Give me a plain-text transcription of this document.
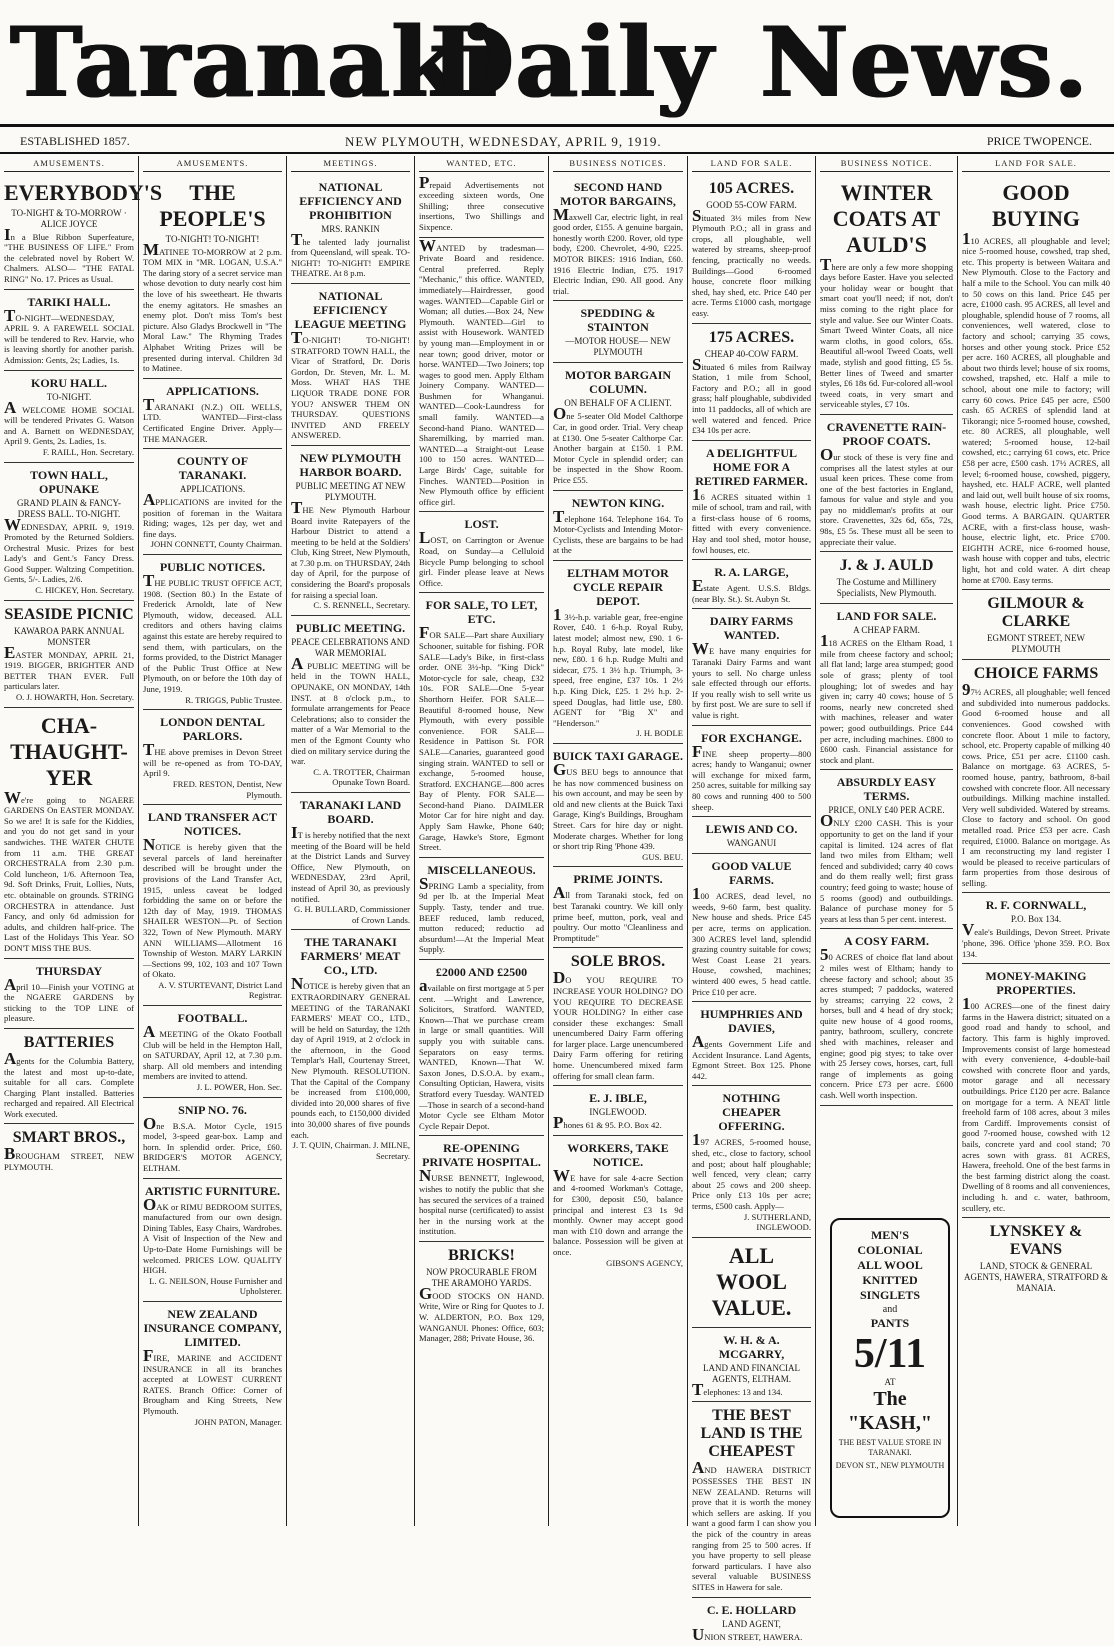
Taranaki
Daily News.
ESTABLISHED 1857.	NEW PLYMOUTH, WEDNESDAY, APRIL 9, 1919.	PRICE TWOPENCE.
AMUSEMENTS.
EVERYBODY'S
TO-NIGHT & TO-MORROW · ALICE JOYCE
In a Blue Ribbon Superfeature, "THE BUSINESS OF LIFE." From the celebrated novel by Robert W. Chalmers. ALSO— "THE FATAL RING" No. 17. Prices as Usual.
TARIKI HALL.
TO-NIGHT—WEDNESDAY, APRIL 9. A FAREWELL SOCIAL will be tendered to Rev. Harvie, who is leaving shortly for another parish. Admission: Gents, 2s; Ladies, 1s.
KORU HALL.
TO-NIGHT.
A WELCOME HOME SOCIAL will be tendered Privates G. Watson and A. Barnett on WEDNESDAY, April 9. Gents, 2s. Ladies, 1s.
F. RAILL, Hon. Secretary.
TOWN HALL, OPUNAKE
GRAND PLAIN & FANCY-DRESS BALL. TO-NIGHT.
WEDNESDAY, APRIL 9, 1919. Promoted by the Returned Soldiers. Orchestral Music. Prizes for best Lady's and Gent.'s Fancy Dress. Good Supper. Waltzing Competition. Gents, 5/-. Ladies, 2/6.
C. HICKEY, Hon. Secretary.
SEASIDE PICNIC
KAWAROA PARK ANNUAL MONSTER
EASTER MONDAY, APRIL 21, 1919. BIGGER, BRIGHTER AND BETTER THAN EVER. Full particulars later.
O. J. HOWARTH, Hon. Secretary.
CHA-THAUGHT-YER
We're going to NGAERE GARDENS On EASTER MONDAY. So we are! It is safe for the Kiddies, and you do not get sand in your sandwiches. THE WATER CHUTE from 11 a.m. THE GREAT ORCHESTRALA from 2.30 p.m. Cold luncheon, 1/6. Afternoon Tea, 9d. Soft Drinks, Fruit, Lollies, Nuts, etc. obtainable on grounds. STRING ORCHESTRA in attendance. Just Fancy, and only 6d admission for adults, and children half-price. The Last of the Holidays This Year. SO DON'T MISS THE BUS.
THURSDAY
April 10—Finish your VOTING at the NGAERE GARDENS by sticking to the TOP LINE of pleasure.
BATTERIES
Agents for the Columbia Battery, the latest and most up-to-date, suitable for all cars. Complete Charging Plant installed. Batteries recharged and repaired. All Electrical Work executed.
SMART BROS.,
BROUGHAM STREET, NEW PLYMOUTH.
AMUSEMENTS.
THE PEOPLE'S
TO-NIGHT! TO-NIGHT!
MATINEE TO-MORROW at 2 p.m. TOM MIX in "MR. LOGAN, U.S.A." The daring story of a secret service man whose devotion to duty nearly cost him the love of his sweetheart. He thwarts the enemy agitators. He smashes an enemy plot. Don't miss Tom's best picture. Also Gladys Brockwell in "The Moral Law." The Rhyming Trades Alphabet Writing Prizes will be presented during interval. Children 3d to Matinee.
APPLICATIONS.
TARANAKI (N.Z.) OIL WELLS, LTD. WANTED—First-class Certificated Engine Driver. Apply— THE MANAGER.
COUNTY OF TARANAKI.
APPLICATIONS.
APPLICATIONS are invited for the position of foreman in the Waitara Riding; wages, 12s per day, wet and fine days.
JOHN CONNETT, County Chairman.
PUBLIC NOTICES.
THE PUBLIC TRUST OFFICE ACT, 1908. (Section 80.) In the Estate of Frederick Arnoldt, late of New Plymouth, widow, deceased. ALL creditors and others having claims against this estate are hereby required to send them, with particulars, on the forms provided, to the District Manager of the Public Trust Office at New Plymouth, on or before the 10th day of June, 1919.
R. TRIGGS, Public Trustee.
LONDON DENTAL PARLORS.
THE above premises in Devon Street will be re-opened as from TO-DAY, April 9.
FRED. RESTON, Dentist, New Plymouth.
LAND TRANSFER ACT NOTICES.
NOTICE is hereby given that the several parcels of land hereinafter described will be brought under the provisions of the Land Transfer Act, 1915, unless caveat be lodged forbidding the same on or before the 12th day of May, 1919. THOMAS SHAILER WESTON—Pt. of Section 322, Town of New Plymouth. MARY ANN WILLIAMS—Allotment 16 Township of Weston. MARY LARKIN—Sections 99, 102, 103 and 107 Town of Okato.
A. V. STURTEVANT, District Land Registrar.
FOOTBALL.
A MEETING of the Okato Football Club will be held in the Hempton Hall, on SATURDAY, April 12, at 7.30 p.m. sharp. All old members and intending members are invited to attend.
J. L. POWER, Hon. Sec.
SNIP NO. 76.
One B.S.A. Motor Cycle, 1915 model, 3-speed gear-box. Lamp and horn. In splendid order. Price, £60. BRIDGER'S MOTOR AGENCY, ELTHAM.
ARTISTIC FURNITURE.
OAK or RIMU BEDROOM SUITES, manufactured from our own design. Dining Tables, Easy Chairs, Wardrobes. A Visit of Inspection of the New and Up-to-Date Home Furnishings will be welcomed. PRICES LOW. QUALITY HIGH.
L. G. NEILSON, House Furnisher and Upholsterer.
NEW ZEALAND INSURANCE COMPANY, LIMITED.
FIRE, MARINE and ACCIDENT INSURANCE in all its branches accepted at LOWEST CURRENT RATES. Branch Office: Corner of Brougham and King Streets, New Plymouth.
JOHN PATON, Manager.
MEETINGS.
NATIONAL EFFICIENCY AND PROHIBITION
MRS. RANKIN
The talented lady journalist from Queensland, will speak. TO-NIGHT! TO-NIGHT! EMPIRE THEATRE. At 8 p.m.
NATIONAL EFFICIENCY LEAGUE MEETING
TO-NIGHT! TO-NIGHT! STRATFORD TOWN HALL, the Vicar of Stratford, Dr. Doris Gordon, Dr. Steven, Mr. L. M. Moss. WHAT HAS THE LIQUOR TRADE DONE FOR YOU? ANSWER THEM ON THURSDAY. QUESTIONS INVITED AND FREELY ANSWERED.
NEW PLYMOUTH HARBOR BOARD.
PUBLIC MEETING AT NEW PLYMOUTH.
THE New Plymouth Harbour Board invite Ratepayers of the Harbour District to attend a meeting to be held at the Soldiers' Club, King Street, New Plymouth, at 7.30 p.m. on THURSDAY, 24th day of April, for the purpose of considering the Board's proposals for raising a special loan.
C. S. RENNELL, Secretary.
PUBLIC MEETING.
PEACE CELEBRATIONS AND WAR MEMORIAL
A PUBLIC MEETING will be held in the TOWN HALL, OPUNAKE, ON MONDAY, 14th INST. at 8 o'clock p.m., to formulate arrangements for Peace Celebrations; also to consider the matter of a War Memorial to the men of the Egmont County who died on military service during the war.
C. A. TROTTER, Chairman Opunake Town Board.
TARANAKI LAND BOARD.
IT is hereby notified that the next meeting of the Board will be held at the District Lands and Survey Office, New Plymouth, on WEDNESDAY, 23rd April, instead of April 30, as previously notified.
G. H. BULLARD, Commissioner of Crown Lands.
THE TARANAKI FARMERS' MEAT CO., LTD.
NOTICE is hereby given that an EXTRAORDINARY GENERAL MEETING of the TARANAKI FARMERS' MEAT CO., LTD., will be held on Saturday, the 12th day of April 1919, at 2 o'clock in the afternoon, in the Good Templar's Hall, Courtenay Street, New Plymouth. RESOLUTION. That the Capital of the Company be increased from £100,000, divided into 20,000 shares of five pounds each, to £150,000 divided into 30,000 shares of five pounds each.
J. T. QUIN, Chairman. J. MILNE, Secretary.
WANTED, ETC.
Prepaid Advertisements not exceeding sixteen words, One Shilling; three consecutive insertions, Two Shillings and Sixpence.
WANTED by tradesman—Private Board and residence. Central preferred. Reply "Mechanic," this office. WANTED, immediately—Hairdresser, good wages. WANTED—Capable Girl or Woman; all duties.—Box 24, New Plymouth. WANTED—Girl to assist with Housework. WANTED by young man—Employment in or near town; good driver, motor or horse. WANTED—Two Joiners; top wages to good men. Apply Eltham Joinery Company. WANTED—Bushmen for Whanganui. WANTED—Cook-Laundress for small family. WANTED—a Second-hand Piano. WANTED—Sharemilking, by married man. WANTED—a Straight-out Lease 100 to 150 acres. WANTED—Large Birds' Cage, suitable for Finches. WANTED—Position in New Plymouth office by efficient office girl.
LOST.
LOST, on Carrington or Avenue Road, on Sunday—a Celluloid Bicycle Pump belonging to school girl. Finder please leave at News Office.
FOR SALE, TO LET, ETC.
FOR SALE—Part share Auxiliary Schooner, suitable for fishing. FOR SALE—Lady's Bike, in first-class order. ONE 3½-hp. "King Dick" Motor-cycle for sale, cheap, £32 10s. FOR SALE—One 5-year Shorthorn Heifer. FOR SALE—Beautiful 8-roomed house, New Plymouth, with every possible convenience. FOR SALE—Residence in Pattison St. FOR SALE—Canaries, guaranteed good singing strain. WANTED to sell or exchange, 5-roomed house, Stratford. EXCHANGE—800 acres Bay of Plenty. FOR SALE—Second-hand Piano. DAIMLER Motor Car for hire night and day. Apply Sam Hawke, Phone 640; Garage, Hawke's Store, Egmont Street.
MISCELLANEOUS.
SPRING Lamb a speciality, from 9d per lb. at the Imperial Meat Supply. Tasty, tender and true. BEEF reduced, lamb reduced, mutton reduced; reductio ad absurdum!—At the Imperial Meat Supply.
£2000 AND £2500
available on first mortgage at 5 per cent. —Wright and Lawrence, Solicitors, Stratford. WANTED, Known—That we purchase cream in large or small quantities. Will supply you with suitable cans. Separators on easy terms. WANTED, Known—That W. Saxon Jones, D.S.O.A. by exam., Consulting Optician, Hawera, visits Stratford every Tuesday. WANTED—Those in search of a second-hand Motor Cycle see Eltham Motor Cycle Repair Depot.
RE-OPENING PRIVATE HOSPITAL.
NURSE BENNETT, Inglewood, wishes to notify the public that she has secured the services of a trained hospital nurse (certificated) to assist her in the nursing work at the institution.
BRICKS!
NOW PROCURABLE FROM THE ARAMOHO YARDS.
GOOD STOCKS ON HAND. Write, Wire or Ring for Quotes to J. W. ALDERTON, P.O. Box 129, WANGANUI. Phones: Office, 603; Manager, 288; Private House, 36.
BUSINESS NOTICES.
SECOND HAND MOTOR BARGAINS,
Maxwell Car, electric light, in real good order, £155. A genuine bargain, honestly worth £200. Rover, old type body, £200. Chevrolet, 4-90, £225. MOTOR BIKES: 1916 Indian, £60. 1916 Electric Indian, £75. 1917 Electric Indian, £90. All good. Any trial.
SPEDDING & STAINTON
—MOTOR HOUSE— NEW PLYMOUTH
MOTOR BARGAIN COLUMN.
ON BEHALF OF A CLIENT.
One 5-seater Old Model Calthorpe Car, in good order. Trial. Very cheap at £130. One 5-seater Calthorpe Car. Another bargain at £150. 1 P.M. Motor Cycle in splendid order; can be inspected in the Show Room. Price £55.
NEWTON KING.
Telephone 164. Telephone 164. To Motor-Cyclists and Intending Motor-Cyclists, these are bargains to be had at the
ELTHAM MOTOR CYCLE REPAIR DEPOT.
1 3½-h.p. variable gear, free-engine Rover, £40. 1 6-h.p. Royal Ruby, latest model; almost new, £90. 1 6-h.p. Royal Ruby, late model, like new, £80. 1 6 h.p. Rudge Multi and sidecar, £75. 1 3½ h.p. Triumph, 3-speed, free engine, £37 10s. 1 2½ h.p. King Dick, £25. 1 2½ h.p. 2-speed Douglas, had little use, £80. AGENT for "Big X" and "Henderson."
J. H. BODLE
BUICK TAXI GARAGE.
GUS BEU begs to announce that he has now commenced business on his own account, and may be seen by old and new clients at the Buick Taxi Garage, King's Buildings, Brougham Street. Cars for hire day or night. Moderate charges. Whether for long or short trip Ring 'Phone 439.
GUS. BEU.
PRIME JOINTS.
All from Taranaki stock, fed on best Taranaki country. We kill only prime beef, mutton, pork, veal and poultry. Our motto "Cleanliness and Promptitude"
SOLE BROS.
DO YOU REQUIRE TO INCREASE YOUR HOLDING? DO YOU REQUIRE TO DECREASE YOUR HOLDING? In either case consider these exchanges: Small unencumbered Dairy Farm offering for larger place. Large unencumbered Dairy Farm offering for retiring home. Unencumbered mixed farm offering for small clean farm.
E. J. IBLE,
INGLEWOOD.
Phones 61 & 95. P.O. Box 42.
WORKERS, TAKE NOTICE.
WE have for sale 4-acre Section and 4-roomed Workman's Cottage, for £300, deposit £50, balance principal and interest £3 1s 9d monthly. Owner may accept good man with £10 down and arrange the balance. Possession will be given at once.
GIBSON'S AGENCY,
LAND FOR SALE.
105 ACRES.
GOOD 55-COW FARM.
Situated 3½ miles from New Plymouth P.O.; all in grass and crops, all ploughable, well watered by streams, sheep-proof fencing, practically no weeds. Buildings—Good 6-roomed house, concrete floor milking shed, hay shed, etc. Price £40 per acre. Terms £1000 cash, mortgage easy.
175 ACRES.
CHEAP 40-COW FARM.
Situated 6 miles from Railway Station, 1 mile from School, Factory and P.O.; all in good grass; half ploughable, subdivided into 11 paddocks, all of which are well watered and fenced. Price £34 10s per acre.
A DELIGHTFUL HOME FOR A RETIRED FARMER.
16 ACRES situated within 1 mile of school, tram and rail, with a first-class house of 6 rooms, fitted with every convenience. Hay and tool shed, motor house, fowl houses, etc.
R. A. LARGE,
Estate Agent. U.S.S. Bldgs. (near Bly. St.). St. Aubyn St.
DAIRY FARMS WANTED.
WE have many enquiries for Taranaki Dairy Farms and want yours to sell. No charge unless sale effected through our efforts. If you really wish to sell write us by first post. We are sure to sell if value is right.
FOR EXCHANGE.
FINE sheep property—800 acres; handy to Wanganui; owner will exchange for mixed farm, 250 acres, suitable for milking say 80 cows and running 400 to 500 sheep.
LEWIS AND CO.
WANGANUI
GOOD VALUE FARMS.
100 ACRES, dead level, no weeds, 9-60 farm, best quality. New house and sheds. Price £45 per acre, terms on application. 300 ACRES level land, splendid grazing country suitable for cows; West Coast Lease 21 years. House, cowshed, machines; winterd 400 ewes, 5 head cattle. Price £10 per acre.
HUMPHRIES AND DAVIES,
Agents Government Life and Accident Insurance. Land Agents, Egmont Street. Box 125. Phone 442.
NOTHING CHEAPER OFFERING.
197 ACRES, 5-roomed house, shed, etc., close to factory, school and post; about half ploughable; well fenced, very clean; carry about 25 cows and 200 sheep. Price only £13 10s per acre; terms, £500 cash. Apply—
J. SUTHERLAND, INGLEWOOD.
ALL WOOL VALUE.
W. H. & A. MCGARRY,
LAND AND FINANCIAL AGENTS, ELTHAM.
Telephones: 13 and 134.
THE BEST LAND IS THE CHEAPEST
AND HAWERA DISTRICT POSSESSES THE BEST IN NEW ZEALAND. Returns will prove that it is worth the money which sellers are asking. If you want a good farm I can show you the pick of the country in areas ranging from 25 to 500 acres. If you have property to sell please forward particulars. I have also several valuable BUSINESS SITES in Hawera for sale.
C. E. HOLLARD
LAND AGENT,
UNION STREET, HAWERA.
BUSINESS NOTICE.
WINTER COATS AT AULD'S
There are only a few more shopping days before Easter. Have you selected your holiday wear or bought that smart coat you'll need; if not, don't miss coming to the right place for style and value. See our Winter Coats. Smart Tweed Winter Coats, all nice warm cloths, in good colors, 65s. Beautiful all-wool Tweed Coats, well made, stylish and good fitting, £5 5s. Better lines of Tweed and smarter styles, £6 18s 6d. Fur-colored all-wool tweed coats, in very smart and serviceable styles, £7 10s.
CRAVENETTE RAIN-PROOF COATS.
Our stock of these is very fine and comprises all the latest styles at our usual keen prices. These come from one of the best factories in England, famous for value and style and you pay no middleman's profits at our store. Cravenettes, 32s 6d, 65s, 72s, 98s, £5 5s. These must all be seen to appreciate their value.
J. & J. AULD
The Costume and Millinery Specialists, New Plymouth.
LAND FOR SALE.
A CHEAP FARM.
118 ACRES on the Eltham Road, 1 mile from cheese factory and school; all flat land; large area stumped; good sole of grass; plenty of tool ploughing; lot of swedes and hay given in; carry 40 cows; house of 5 rooms, nearly new concreted shed with machines, releaser and water power; good outbuildings. Price £44 per acre, including machines. £800 to £600 cash. Financial assistance for stock and plant.
ABSURDLY EASY TERMS.
PRICE, ONLY £40 PER ACRE.
ONLY £200 CASH. This is your opportunity to get on the land if your capital is limited. 124 acres of flat land two miles from Eltham; well fenced and subdivided; carry 40 cows and do them really well; first grass country; feed going to waste; house of 5 rooms (good) and outbuildings. Balance of purchase money for 5 years at less than 5 per cent. interest.
A COSY FARM.
50 ACRES of choice flat land about 2 miles west of Eltham; handy to cheese factory and school; about 35 acres stumped; 7 paddocks, watered by streams; carrying 22 cows, 2 horses, bull and 4 head of dry stock; quite new house of 4 good rooms, pantry, bathroom, scullery, concrete shed with machines, releaser and engine; good pig styes; to take over with 25 Jersey cows, horses, cart, full range of implements as going concern. Price £73 per acre. £600 cash. Well worth inspection.
LAND FOR SALE.
GOOD BUYING
110 ACRES, all ploughable and level; nice 5-roomed house, cowshed, trap shed, etc. This property is between Waitara and New Plymouth. Close to the Factory and half a mile to the School. You can milk 40 to 50 cows on this land. Price £45 per acre, £1000 cash. 95 ACRES, all level and ploughable, splendid house of 7 rooms, all conveniences, well watered, close to factory and school; carrying 35 cows, horses and other young stock. Price £52 per acre. 160 ACRES, all ploughable and about two thirds level; house of six rooms, cowshed, trapshed, etc. Half a mile to school, about one mile to factory; will carry 60 cows. Price £45 per acre, £500 cash. 65 ACRES of splendid land at Tikorangi; nice 5-roomed house, cowshed, etc. 80 ACRES, all ploughable, well watered; 5-roomed house, 12-bail cowshed, etc.; carrying 61 cows, etc. Price £58 per acre, £500 cash. 17½ ACRES, all level; 6-roomed house, cowshed, piggery, hayshed, etc. HALF ACRE, well planted and laid out, well built house of six rooms, wash house, electric light. Price £750. Good terms. A BARGAIN. QUARTER ACRE, with a first-class house, wash-house, electric light, etc. Price £700. EIGHTH ACRE, nice 6-roomed house, wash house with copper and tubs, electric light, hot and cold water. A dirt cheap home at £700. Easy terms.
GILMOUR & CLARKE
EGMONT STREET, NEW PLYMOUTH
CHOICE FARMS
97½ ACRES, all ploughable; well fenced and subdivided into numerous paddocks. Good 6-roomed house and all conveniences. Good cowshed with concrete floor. About 1 mile to factory, school, etc. Property capable of milking 40 cows. Price, £51 per acre. £1100 cash. Balance on mortgage. 63 ACRES, 5-roomed house, pantry, bathroom, 8-bail cowshed with concrete floor. All necessary outbuildings. Milking machine installed. Very well subdivided. Watered by streams. Close to factory and school. On good metalled road. Price £53 per acre. Cash required, £1000. Balance on mortgage. As I am reconstructing my land register I would be pleased to receive particulars of farm properties from those desirous of selling.
R. F. CORNWALL,
P.O. Box 134.
Veale's Buildings, Devon Street. Private 'phone, 396. Office 'phone 359. P.O. Box 134.
MONEY-MAKING PROPERTIES.
100 ACRES—one of the finest dairy farms in the Hawera district; situated on a good road and handy to school, and factory. This farm is highly improved. Improvements consist of large homestead with every convenience, 4-double-bail cowshed with concrete floor and yards, motor garage and all necessary outbuildings. Price £120 per acre. Balance on mortgage for a term. A NEAT little freehold farm of 108 acres, about 3 miles from Cardiff. Improvements consist of good 7-roomed house, cowshed with 12 bails, concrete yard and cool stand; 70 acres sown with grass. 81 ACRES, Hawera, freehold. One of the best farms in the best farming district along the coast. Dwelling of 8 rooms and all conveniences, including h. and c. water, bathroom, scullery, etc.
LYNSKEY & EVANS
LAND, STOCK & GENERAL AGENTS, HAWERA, STRATFORD & MANAIA.
MEN'S
COLONIAL
ALL WOOL
KNITTED
SINGLETS
and
PANTS
5/11
AT
The "KASH,"
THE BEST VALUE STORE IN TARANAKI.
DEVON ST., NEW PLYMOUTH
